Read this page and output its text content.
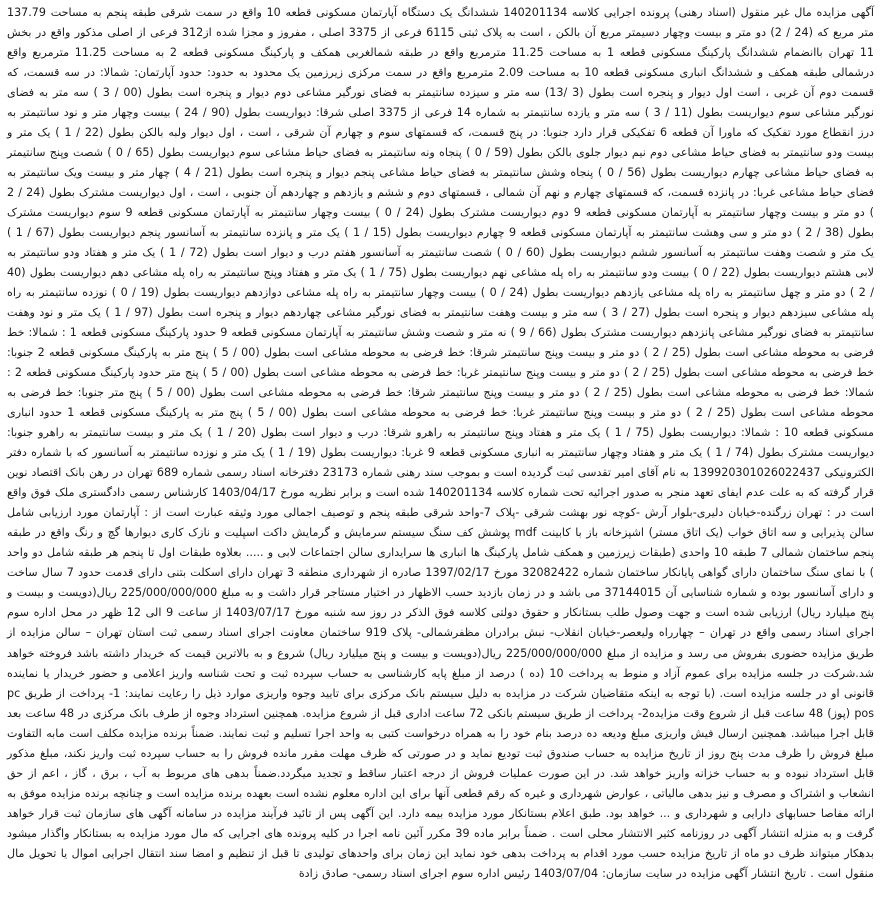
آگهی مزایده مال غیر منقول (اسناد رهنی) پرونده اجرایی کلاسه 140201134 ششدانگ یک دستگاه آپارتمان مسکونی قطعه 10 واقع در سمت شرقی طبقه پنجم به مساحت 137.79 متر مربع که (24 / 2) دو متر و بیست وچهار دسیمتر مربع آن بالکن ، است به پلاک ثبتی 6115 فرعی از 3375 اصلی ، مفروز و مجزا شده از312 فرعی از اصلی مذکور واقع در بخش 11 تهران باانضمام ششدانگ پارکینگ مسکونی قطعه 1 به مساحت 11.25 مترمربع واقع در طبقه شمالغربی همکف و پارکینگ مسکونی قطعه 2 به مساحت 11.25 مترمربع واقع درشمالی طبقه همکف و ششدانگ انباری مسکونی قطعه 10 به مساحت 2.09 مترمربع واقع در سمت مرکزی زیرزمین یک محدود به حدود: حدود آپارتمان: شمالا: در سه قسمت، که قسمت دوم آن غربی ، است اول دیوار و پنجره است بطول (3 /13) سه متر و سیزده سانتیمتر به فضای نورگیر مشاعی دوم دیوار و پنجره است بطول (00 / 3 ) سه متر به فضای نورگیر مشاعی سوم دیواریست بطول (11 / 3 ) سه متر و یازده سانتیمتر به شماره 14 فرعی از 3375 اصلی شرقا: دیواریست بطول (90 / 24 ) بیست وچهار متر و نود سانتیمتر به درز انقطاع مورد تفکیک که ماورا آن قطعه 6 تفکیکی قرار دارد جنوبا: در پنج قسمت، که قسمتهای سوم و چهارم آن شرقی ، است ، اول دیوار ولبه بالکن بطول (22 / 1 ) یک متر و بیست ودو سانتیمتر به فضای حیاط مشاعی دوم نیم دیوار جلوی بالکن بطول (59 / 0 ) پنجاه ونه سانتیمتر به فضای حیاط مشاعی سوم دیواریست بطول (65 / 0 ) شصت وپنج سانتیمتر به فضای حیاط مشاعی چهارم دیواریست بطول (56 / 0 ) پنجاه وشش سانتیمتر به فضای حیاط مشاعی پنجم دیوار و پنجره است بطول (21 / 4 ) چهار متر و بیست ویک سانتیمتر به فضای حیاط مشاعی غربا: در پانزده قسمت، که قسمتهای چهارم و نهم آن شمالی ، قسمتهای دوم و ششم و یازدهم و چهاردهم آن جنوبی ، است ، اول دیواریست مشترک بطول (24 / 2 ) دو متر و بیست وچهار سانتیمتر به آپارتمان مسکونی قطعه 9 دوم دیواریست مشترک بطول (24 / 0 ) بیست وچهار سانتیمتر به آپارتمان مسکونی قطعه 9 سوم دیواریست مشترک بطول (38 / 2 ) دو متر و سی وهشت سانتیمتر به آپارتمان مسکونی قطعه 9 چهارم دیواریست بطول (15 / 1 ) یک متر و پانزده سانتیمتر به آسانسور پنجم دیواریست بطول (67 / 1 ) یک متر و شصت وهفت سانتیمتر به آسانسور ششم دیواریست بطول (60 / 0 ) شصت سانتیمتر به آسانسور هفتم درب و دیوار است بطول (72 / 1 ) یک متر و هفتاد ودو سانتیمتر به لابی هشتم دیواریست بطول (22 / 0 ) بیست ودو سانتیمتر به راه پله مشاعی نهم دیواریست بطول (75 / 1 ) یک متر و هفتاد وپنج سانتیمتر به راه پله مشاعی دهم دیواریست بطول (40 / 2 ) دو متر و چهل سانتیمتر به راه پله مشاعی یازدهم دیواریست بطول (24 / 0 ) بیست وچهار سانتیمتر به راه پله مشاعی دوازدهم دیواریست بطول (19 / 0 ) نوزده سانتیمتر به راه پله مشاعی سیزدهم دیوار و پنجره است بطول (27 / 3 ) سه متر و بیست وهفت سانتیمتر به فضای نورگیر مشاعی چهاردهم دیوار و پنجره است بطول (97 / 1 ) یک متر و نود وهفت سانتیمتر به فضای نورگیر مشاعی پانزدهم دیواریست مشترک بطول (66 / 9 ) نه متر و شصت وشش سانتیمتر به آپارتمان مسکونی قطعه 9 حدود پارکینگ مسکونی قطعه 1 : شمالا: خط فرضی به محوطه مشاعی است بطول (25 / 2 ) دو متر و بیست وپنج سانتیمتر شرقا: خط فرضی به محوطه مشاعی است بطول (00 / 5 ) پنج متر به پارکینگ مسکونی قطعه 2 جنوبا: خط فرضی به محوطه مشاعی است بطول (25 / 2 ) دو متر و بیست وپنج سانتیمتر غربا: خط فرضی به محوطه مشاعی است بطول (00 / 5 ) پنج متر حدود پارکینگ مسکونی قطعه 2 : شمالا: خط فرضی به محوطه مشاعی است بطول (25 / 2 ) دو متر و بیست وپنج سانتیمتر شرقا: خط فرضی به محوطه مشاعی است بطول (00 / 5 ) پنج متر جنوبا: خط فرضی به محوطه مشاعی است بطول (25 / 2 ) دو متر و بیست وپنج سانتیمتر غربا: خط فرضی به محوطه مشاعی است بطول (00 / 5 ) پنج متر به پارکینگ مسکونی قطعه 1 حدود انباری مسکونی قطعه 10 : شمالا: دیواریست بطول (75 / 1 ) یک متر و هفتاد وپنج سانتیمتر به راهرو شرقا: درب و دیوار است بطول (20 / 1 ) یک متر و بیست سانتیمتر به راهرو جنوبا: دیواریست مشترک بطول (74 / 1 ) یک متر و هفتاد وچهار سانتیمتر به انباری مسکونی قطعه 9 غربا: دیواریست بطول (19 / 1 ) یک متر و نوزده سانتیمتر به آسانسور که با شماره دفتر الکترونیکی 139920301026022437 به نام آقای امیر تقدسی ثبت گردیده است و بموجب سند رهنی شماره 23173 دفترخانه اسناد رسمی شماره 689 تهران در رهن بانک اقتصاد نوین قرار گرفته که به علت عدم ایفای تعهد منجر به صدور اجرائیه تحت شماره کلاسه 140201134 شده است و برابر نظریه مورخ 1403/04/17 کارشناس رسمی دادگستری ملک فوق واقع است در : تهران زرگنده-خیابان دلیری-بلوار آرش -کوچه نور بهشت شرقی -پلاک 7-واحد شرقی طبقه پنجم و توصیف اجمالی مورد وثیقه عبارت است از : آپارتمان مورد ارزیابی شامل سالن پذیرایی و سه اتاق خواب (یک اتاق مستر) اشپزخانه باز با کابینت mdf پوشش کف سنگ سیستم سرمایش و گرمایش داکت اسپلیت و نازک کاری دیوارها گچ و رنگ واقع در طبقه پنجم ساختمان شمالی 7 طبقه 10 واحدی (طبقات زیرزمین و همکف شامل پارکینگ ها انباری ها سرایداری سالن اجتماعات لابی و ..... بعلاوه طبقات اول تا پنجم هر طبقه شامل دو واحد ) با نمای سنگ ساختمان دارای گواهی پایانکار ساختمان شماره 32082422 مورخ 1397/02/17 صادره از شهرداری منطقه 3 تهران دارای اسکلت بتنی دارای قدمت حدود 7 سال ساخت و دارای آسانسور بوده و شماره شناسایی آن 37144015 می باشد و در زمان بازدید حسب الاظهار در اختیار مستاجر قرار داشت و به مبلغ 225/000/000/000 ریال(دویست و بیست و پنج میلیارد ریال) ارزیابی شده است و جهت وصول طلب بستانکار و حقوق دولتی کلاسه فوق الذکر در روز سه شنبه مورخ 1403/07/17 از ساعت 9 الی 12 ظهر در محل اداره سوم اجرای اسناد رسمی واقع در تهران – چهارراه ولیعصر-خیابان انقلاب- نبش برادران مظفرشمالی- پلاک 919 ساختمان معاونت اجرای اسناد رسمی ثبت استان تهران – سالن مزایده از طریق مزایده حضوری بفروش می رسد و مزایده از مبلغ 225/000/000/000 ریال(دویست و بیست و پنج میلیارد ریال) شروع و به بالاترین قیمت که خریدار داشته باشد فروخته خواهد شد.شرکت در جلسه مزایده برای عموم آزاد و منوط به پرداخت 10 (ده ) درصد از مبلغ پایه کارشناسی به حساب سپرده ثبت و تحت شناسه واریز اعلامی و حضور خریدار یا نماینده قانونی او در جلسه مزایده است. (با توجه به اینکه متقاضیان شرکت در مزایده به دلیل سیستم بانک مرکزی برای تایید وجوه واریزی موارد ذیل را رعایت نمایند: 1- پرداخت از طریق pc pos (پوز) 48 ساعت قبل از شروع وقت مزایده2- پرداخت از طریق سیستم بانکی 72 ساعت اداری قبل از شروع مزایده. همچنین استرداد وجوه از طرف بانک مرکزی در 48 ساعت بعد قابل اجرا میباشد. همچنین ارسال فیش واریزی مبلغ ودیعه ده درصد بنام خود را به همراه درخواست کتبی به واحد اجرا تسلیم و ثبت نمایند. ضمناً برنده مزایده مکلف است مابه التفاوت مبلغ فروش را ظرف مدت پنج روز از تاریخ مزایده به حساب صندوق ثبت تودیع نماید و در صورتی که ظرف مهلت مقرر مانده فروش را به حساب سپرده ثبت واریز نکند، مبلغ مذکور قابل استرداد نبوده و به حساب خزانه واریز خواهد شد. در این صورت عملیات فروش از درجه اعتبار ساقط و تجدید میگردد.ضمناً بدهی های مربوط به آب ، برق ، گاز ، اعم از حق انشعاب و اشتراک و مصرف و نیز بدهی مالیاتی ، عوارض شهرداری و غیره که رقم قطعی آنها برای این اداره معلوم نشده است بعهده برنده مزایده است و چنانچه برنده مزایده موفق به ارائه مفاصا حسابهای دارایی و شهرداری و ... خواهد بود. طبق اعلام بستانکار مورد مزایده بیمه دارد. این آگهی پس از تائید فرآیند مزایده در سامانه آگهی های سازمان ثبت قرار خواهد گرفت و به منزله انتشار آگهی در روزنامه کثیر الانتشار محلی است . ضمناً برابر ماده 39 مکرر آئین نامه اجرا در کلیه پرونده های اجرایی که مال مورد مزایده به بستانکار واگذار میشود بدهکار میتواند ظرف دو ماه از تاریخ مزایده حسب مورد اقدام به پرداخت بدهی خود نماید این زمان برای واحدهای تولیدی تا قبل از تنظیم و امضا سند انتقال اجرایی اموال یا تحویل مال منقول است . تاریخ انتشار آگهی مزایده در سایت سازمان: 1403/07/04 رئیس اداره سوم اجرای اسناد رسمی- صادق زادة
